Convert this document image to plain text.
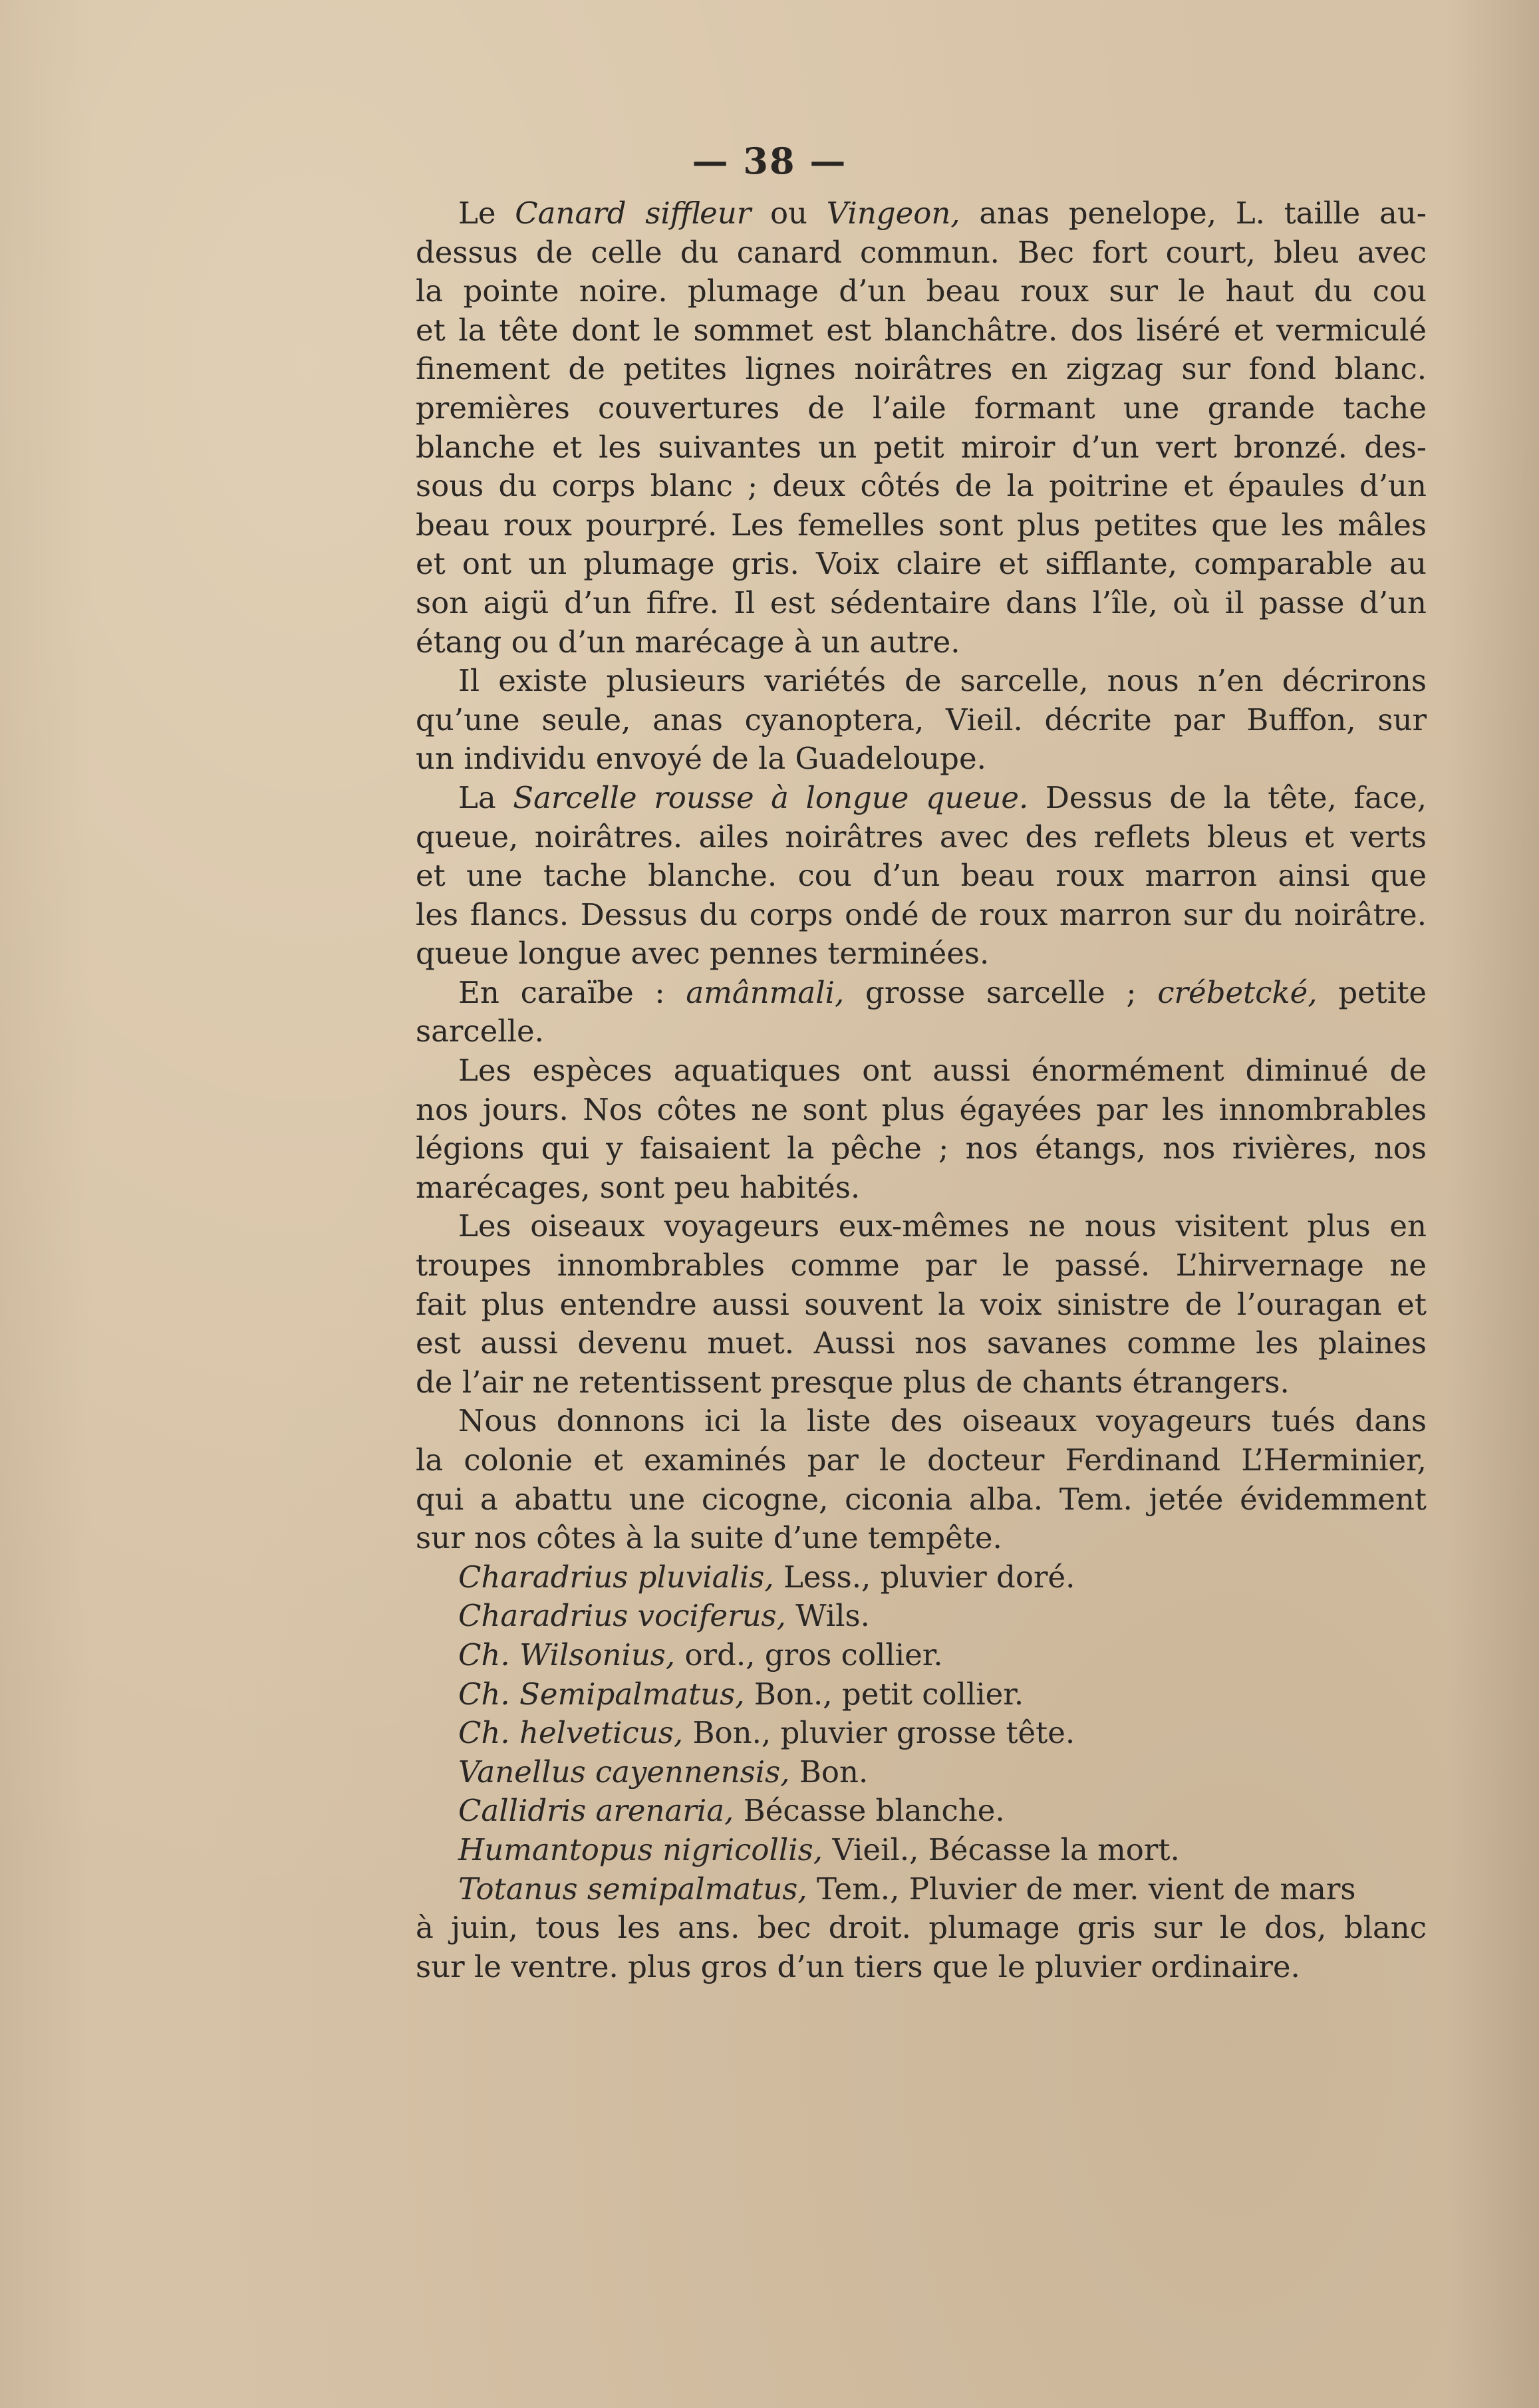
— 38 —
Le Canard siffleur ou Vingeon, anas penelope, L. taille au-
dessus de celle du canard commun. Bec fort court, bleu avec
la pointe noire. plumage d’un beau roux sur le haut du cou
et la tête dont le sommet est blanchâtre. dos liséré et vermiculé
finement de petites lignes noirâtres en zigzag sur fond blanc.
premières couvertures de l’aile formant une grande tache
blanche et les suivantes un petit miroir d’un vert bronzé. des-
sous du corps blanc ; deux côtés de la poitrine et épaules d’un
beau roux pourpré. Les femelles sont plus petites que les mâles
et ont un plumage gris. Voix claire et sifflante, comparable au
son aigü d’un fifre. Il est sédentaire dans l’île, où il passe d’un
étang ou d’un marécage à un autre.
Il existe plusieurs variétés de sarcelle, nous n’en décrirons
qu’une seule, anas cyanoptera, Vieil. décrite par Buffon, sur
un individu envoyé de la Guadeloupe.
La Sarcelle rousse à longue queue. Dessus de la tête, face,
queue, noirâtres. ailes noirâtres avec des reflets bleus et verts
et une tache blanche. cou d’un beau roux marron ainsi que
les flancs. Dessus du corps ondé de roux marron sur du noirâtre.
queue longue avec pennes terminées.
En caraïbe : amânmali, grosse sarcelle ; crébetcké, petite
sarcelle.
Les espèces aquatiques ont aussi énormément diminué de
nos jours. Nos côtes ne sont plus égayées par les innombrables
légions qui y faisaient la pêche ; nos étangs, nos rivières, nos
marécages, sont peu habités.
Les oiseaux voyageurs eux-mêmes ne nous visitent plus en
troupes innombrables comme par le passé. L’hirvernage ne
fait plus entendre aussi souvent la voix sinistre de l’ouragan et
est aussi devenu muet. Aussi nos savanes comme les plaines
de l’air ne retentissent presque plus de chants étrangers.
Nous donnons ici la liste des oiseaux voyageurs tués dans
la colonie et examinés par le docteur Ferdinand L’Herminier,
qui a abattu une cicogne, ciconia alba. Tem. jetée évidemment
sur nos côtes à la suite d’une tempête.
Charadrius pluvialis, Less., pluvier doré.
Charadrius vociferus, Wils.
Ch. Wilsonius, ord., gros collier.
Ch. Semipalmatus, Bon., petit collier.
Ch. helveticus, Bon., pluvier grosse tête.
Vanellus cayennensis, Bon.
Callidris arenaria, Bécasse blanche.
Humantopus nigricollis, Vieil., Bécasse la mort.
Totanus semipalmatus, Tem., Pluvier de mer. vient de mars
à juin, tous les ans. bec droit. plumage gris sur le dos, blanc
sur le ventre. plus gros d’un tiers que le pluvier ordinaire.
